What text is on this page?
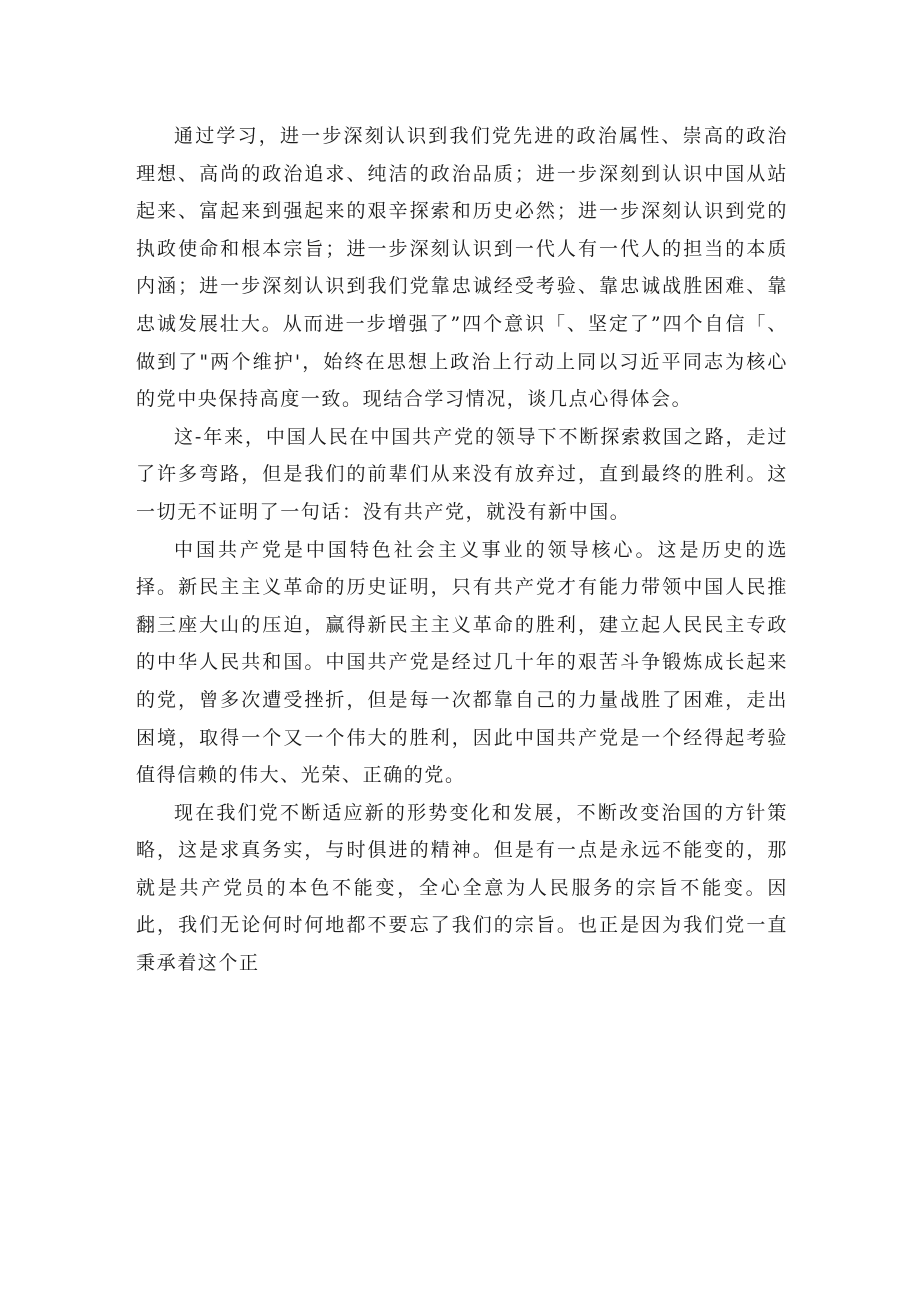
通过学习，进一步深刻认识到我们党先进的政治属性、崇高的政治理想、高尚的政治追求、纯洁的政治品质；进一步深刻到认识中国从站起来、富起来到强起来的艰辛探索和历史必然；进一步深刻认识到党的执政使命和根本宗旨；进一步深刻认识到一代人有一代人的担当的本质内涵；进一步深刻认识到我们党靠忠诚经受考验、靠忠诚战胜困难、靠忠诚发展壮大。从而进一步增强了”四个意识「、坚定了”四个自信「、做到了"两个维护'，始终在思想上政治上行动上同以习近平同志为核心的党中央保持高度一致。现结合学习情况，谈几点心得体会。

这-年来，中国人民在中国共产党的领导下不断探索救国之路，走过了许多弯路，但是我们的前辈们从来没有放弃过，直到最终的胜利。这一切无不证明了一句话：没有共产党，就没有新中国。

中国共产党是中国特色社会主义事业的领导核心。这是历史的选择。新民主主义革命的历史证明，只有共产党才有能力带领中国人民推翻三座大山的压迫，赢得新民主主义革命的胜利，建立起人民民主专政的中华人民共和国。中国共产党是经过几十年的艰苦斗争锻炼成长起来的党，曾多次遭受挫折，但是每一次都靠自己的力量战胜了困难，走出困境，取得一个又一个伟大的胜利，因此中国共产党是一个经得起考验值得信赖的伟大、光荣、正确的党。

现在我们党不断适应新的形势变化和发展，不断改变治国的方针策略，这是求真务实，与时俱进的精神。但是有一点是永远不能变的，那就是共产党员的本色不能变，全心全意为人民服务的宗旨不能变。因此，我们无论何时何地都不要忘了我们的宗旨。也正是因为我们党一直秉承着这个正
